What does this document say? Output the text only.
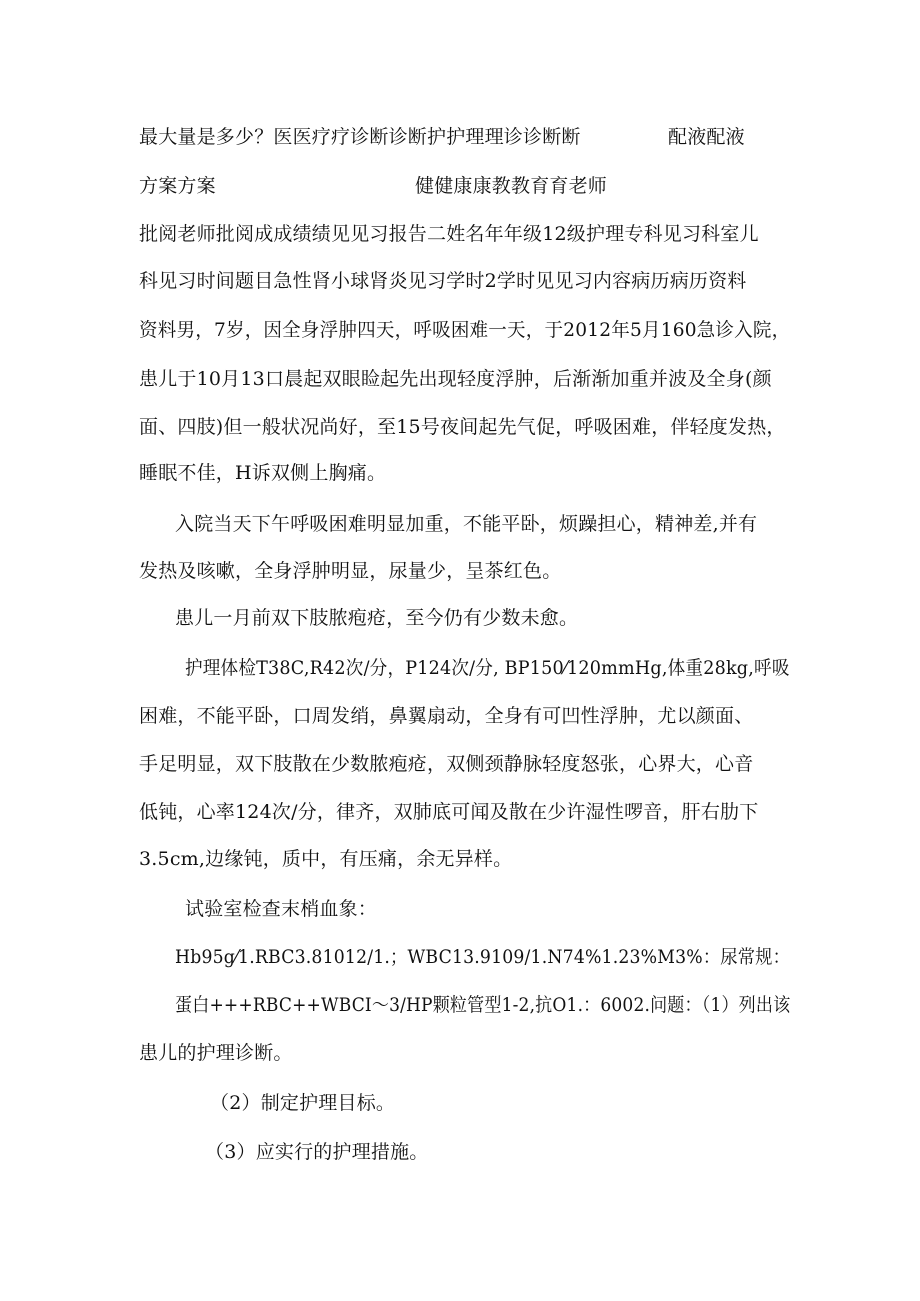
最大量是多少？医医疗疗诊断诊断护护理理诊诊断断	配液配液
方案方案	健健康康教教育育老师
批阅老师批阅成成绩绩见见习报告二姓名年年级12级护理专科见习科室儿
科见习时间题目急性肾小球肾炎见习学时2学时见见习内容病历病历资料
资料男，7岁，因全身浮肿四天，呼吸困难一天，于2012年5月160急诊入院，
患儿于10月13口晨起双眼睑起先出现轻度浮肿，后渐渐加重并波及全身(颜
面、四肢)但一般状况尚好，至15号夜间起先气促，呼吸困难，伴轻度发热，
睡眠不佳，H诉双侧上胸痛。
入院当天下午呼吸困难明显加重，不能平卧，烦躁担心，精神差,并有
发热及咳嗽，全身浮肿明显，尿量少，呈茶红色。
患儿一月前双下肢脓疱疮，至今仍有少数未愈。
护理体检T38C,R42次/分，P124次/分, BP150⁄120mmHg,体重28kg,呼吸
困难，不能平卧，口周发绡，鼻翼扇动，全身有可凹性浮肿，尤以颜面、
手足明显，双下肢散在少数脓疱疮，双侧颈静脉轻度怒张，心界大，心音
低钝，心率124次/分，律齐，双肺底可闻及散在少许湿性啰音，肝右肋下
3.5cm,边缘钝，质中，有压痛，余无异样。
试验室检查末梢血象：
Hb95g⁄1.RBC3.81012/1.；WBC13.9109/1.N74%1.23%M3%：尿常规：
蛋白+++RBC++WBCI〜3/HP颗粒管型1-2,抗O1.：6002.问题：（1）列出该
患儿的护理诊断。
（2）制定护理目标。
（3）应实行的护理措施。
